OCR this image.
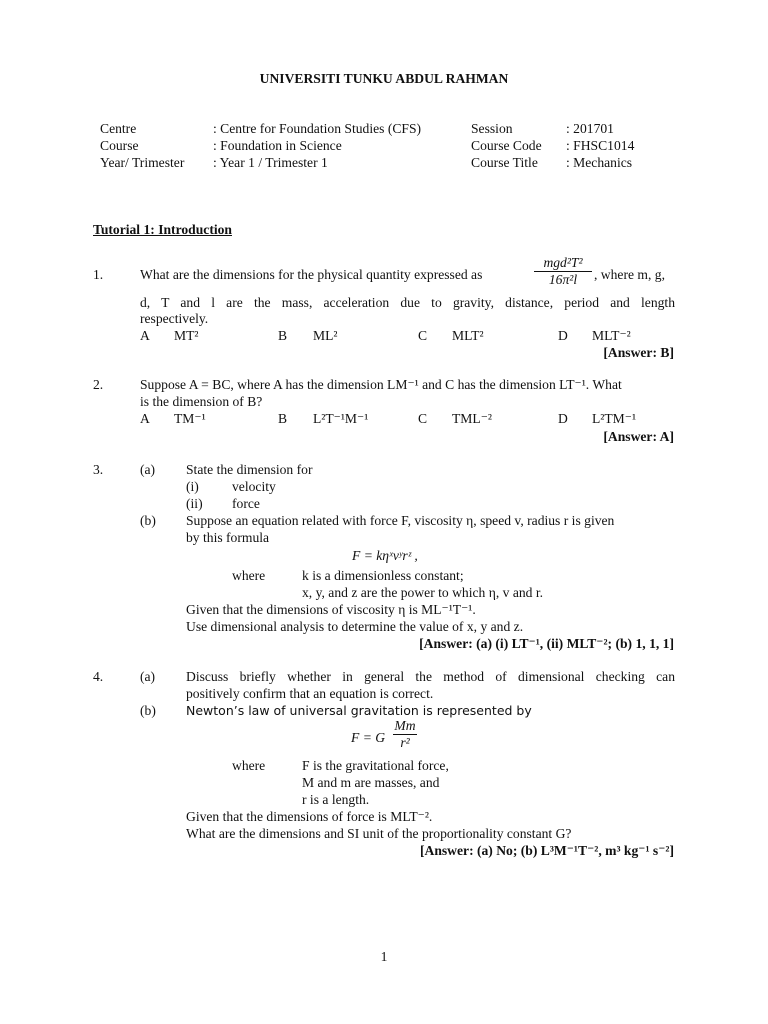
UNIVERSITI TUNKU ABDUL RAHMAN
Centre	: Centre for Foundation Studies (CFS)	Session	: 201701
Course	: Foundation in Science	Course Code : FHSC1014
Year/ Trimester : Year 1 / Trimester 1	Course Title : Mechanics
Tutorial 1: Introduction
1.	What are the dimensions for the physical quantity expressed as
mgd²T²
16π²l	, where m, g,
d, T and l are the mass, acceleration due to gravity, distance, period and length
respectively.
A MT²	B ML²	C MLT²	D MLT⁻²
[Answer: B]
2.	Suppose A = BC, where A has the dimension LM⁻¹ and C has the dimension LT⁻¹. What
is the dimension of B?
A TM⁻¹	B L²T⁻¹M⁻¹	C TML⁻²	D L²TM⁻¹
[Answer: A]
3.	(a) State the dimension for
(i) velocity
(ii) force
(b) Suppose an equation related with force F, viscosity η, speed v, radius r is given
by this formula
F = kηˣvʸrᶻ ,
where	k is a dimensionless constant;
x, y, and z are the power to which η, v and r.
Given that the dimensions of viscosity η is ML⁻¹T⁻¹.
Use dimensional analysis to determine the value of x, y and z.
[Answer: (a) (i) LT⁻¹, (ii) MLT⁻²; (b) 1, 1, 1]
4.	(a) Discuss briefly whether in general the method of dimensional checking can
positively confirm that an equation is correct.
(b) Newton’s law of universal gravitation is represented by
F = G
Mm
r²
where	F is the gravitational force,
M and m are masses, and
r is a length.
Given that the dimensions of force is MLT⁻².
What are the dimensions and SI unit of the proportionality constant G?
[Answer: (a) No; (b) L³M⁻¹T⁻², m³ kg⁻¹ s⁻²]
1
